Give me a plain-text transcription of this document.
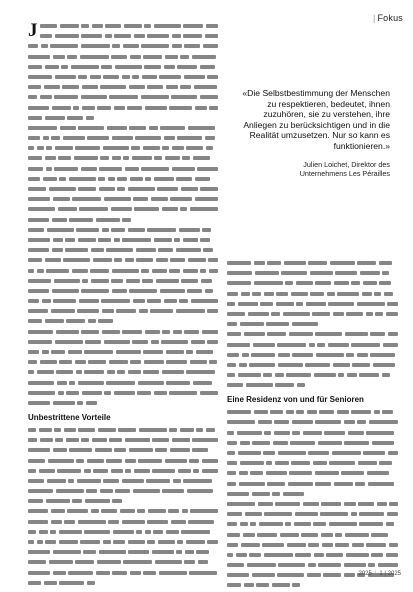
| Fokus
J
Unbestrittene Vorteile
«Die Selbstbestimmung der Menschen zu respektieren, bedeutet, ihnen zuzuhören, sie zu verstehen, ihre Anliegen zu berücksichtigen und in die Realität umzusetzen. Nur so kann es funktionieren.»
Julien Loichet, Direktor des
Unternehmens Les Pérailles
Eine Residenz von und für Senioren
2025 | 1 | 2025
